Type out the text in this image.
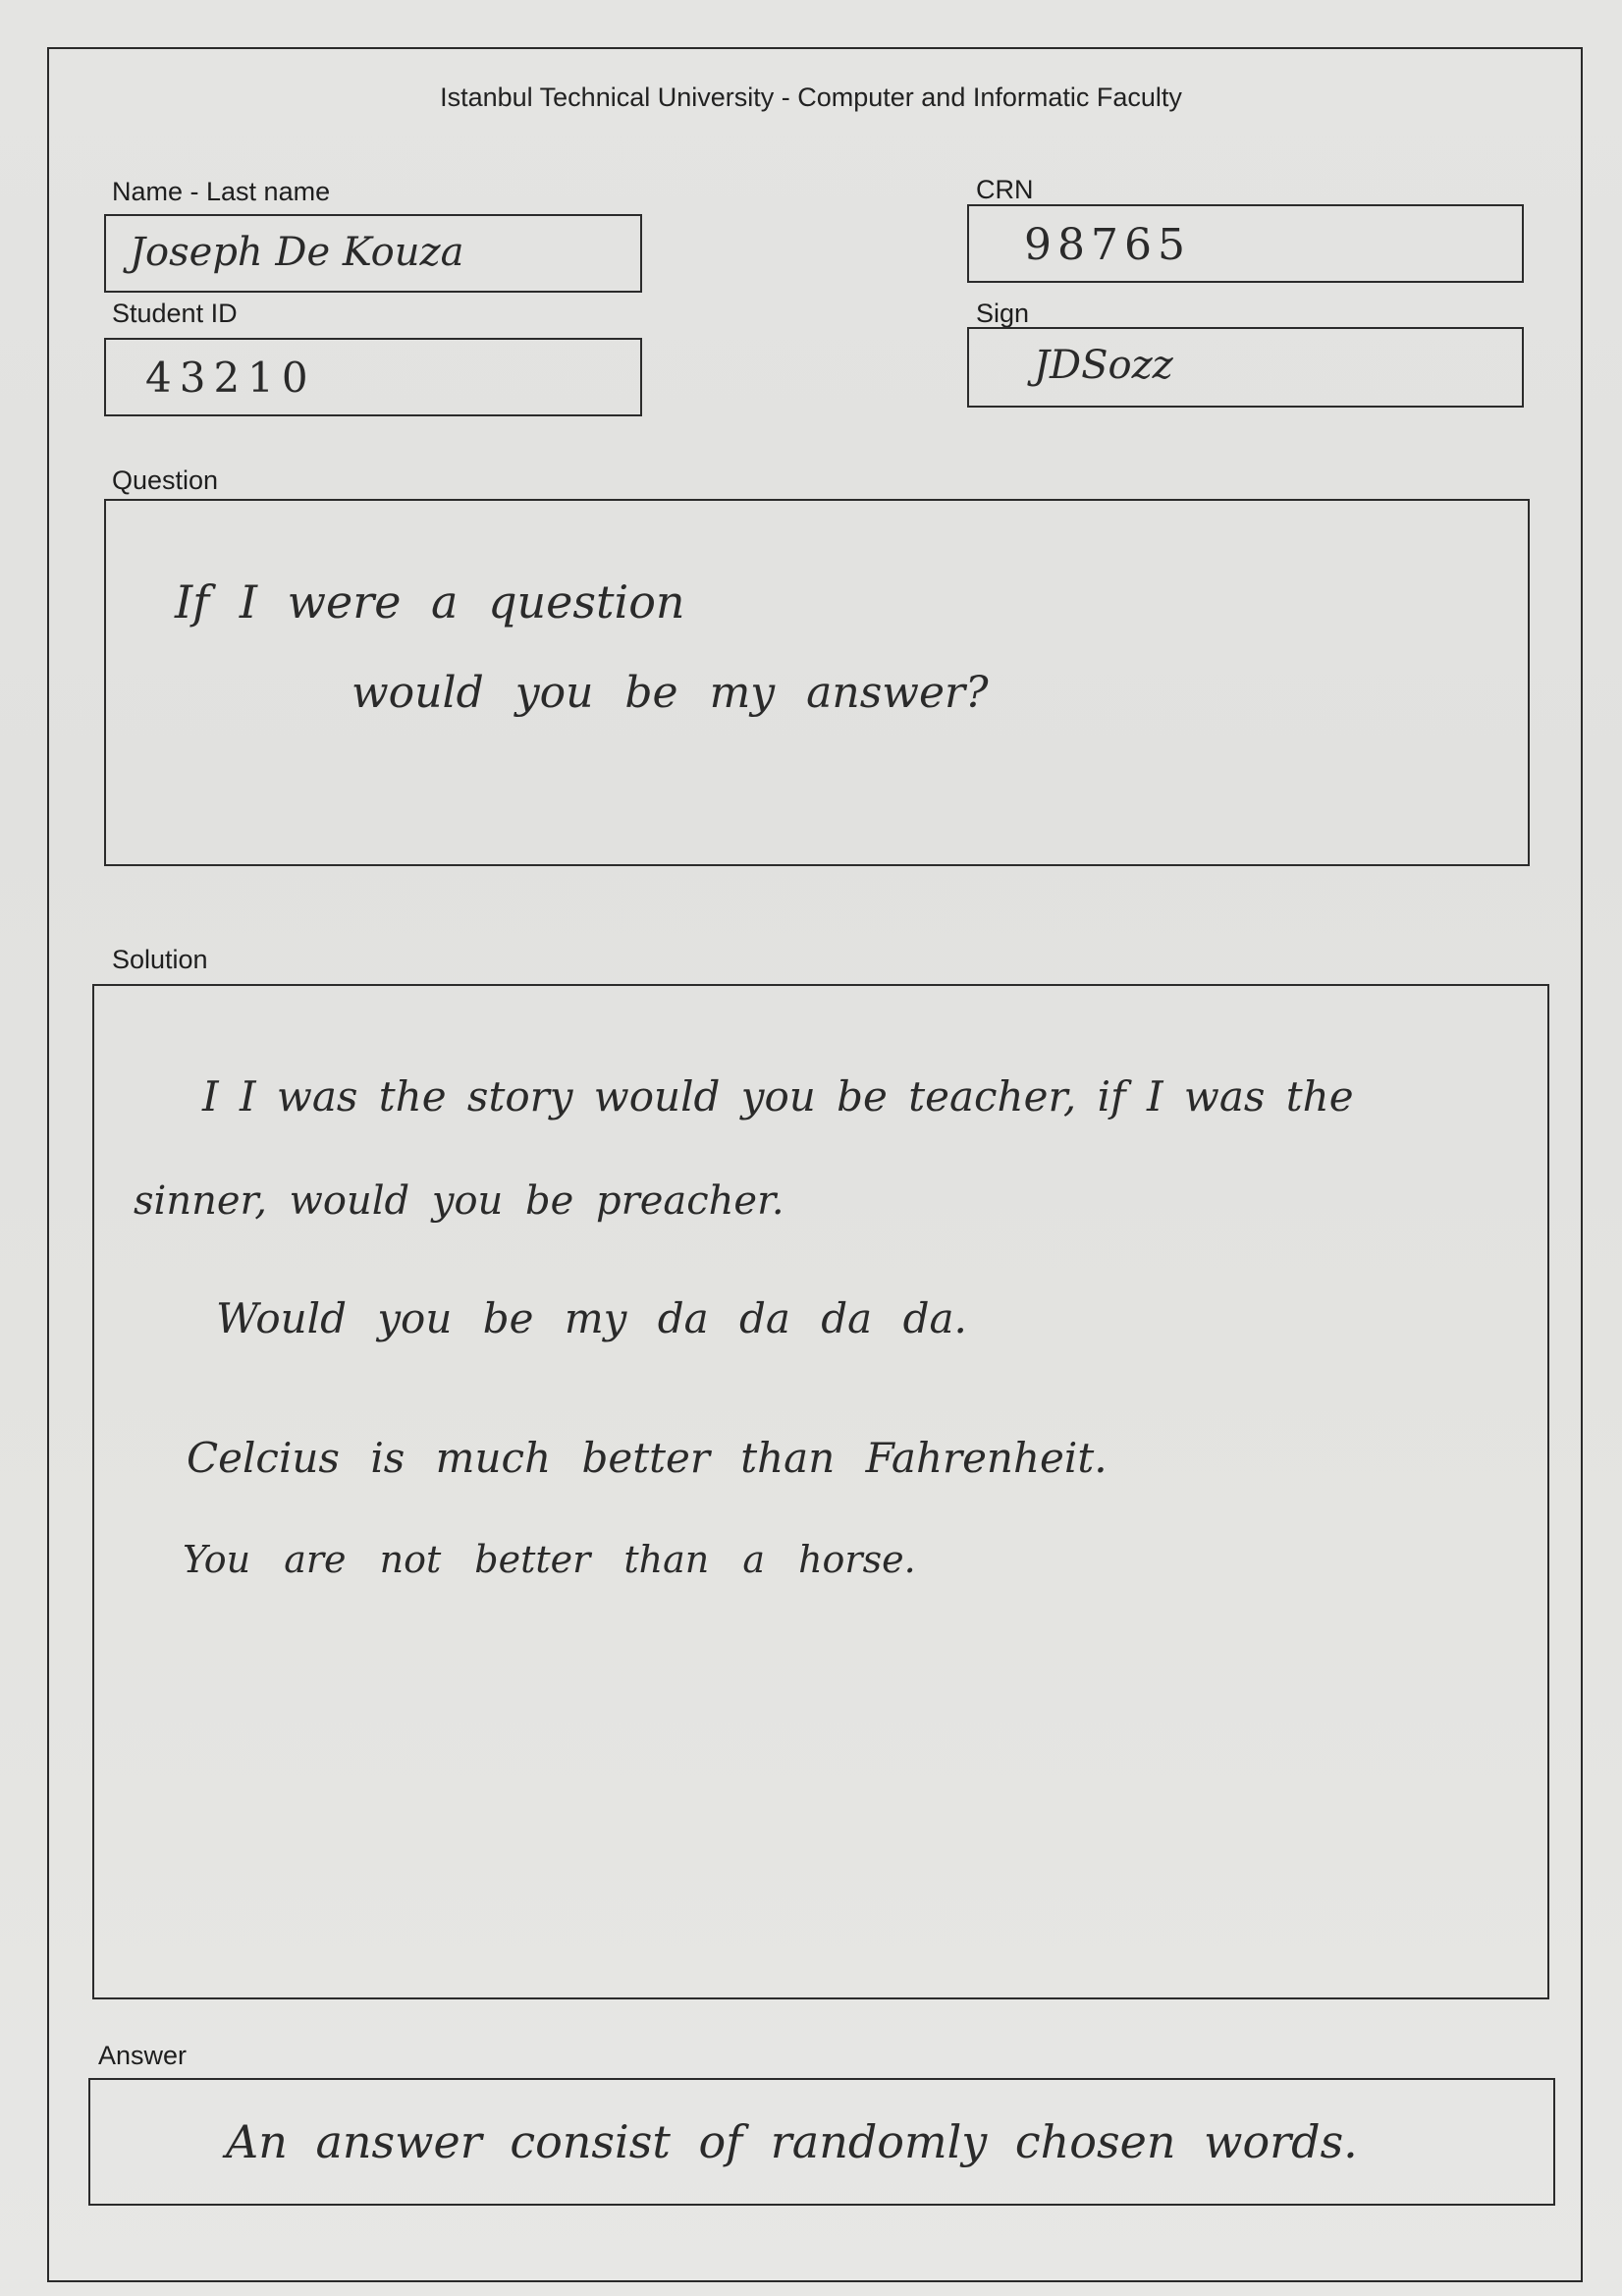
Istanbul Technical University - Computer and Informatic Faculty
Name - Last name
Joseph De Kouza
CRN
98765
Student ID
43210
Sign
JDSozz
Question
If I were a question
would you be my answer?
Solution
I I was the story would you be teacher, if I was the
sinner, would you be preacher.
Would you be my da da da da.
Celcius is much better than Fahrenheit.
You are not better than a horse.
Answer
An answer consist of randomly chosen words.
